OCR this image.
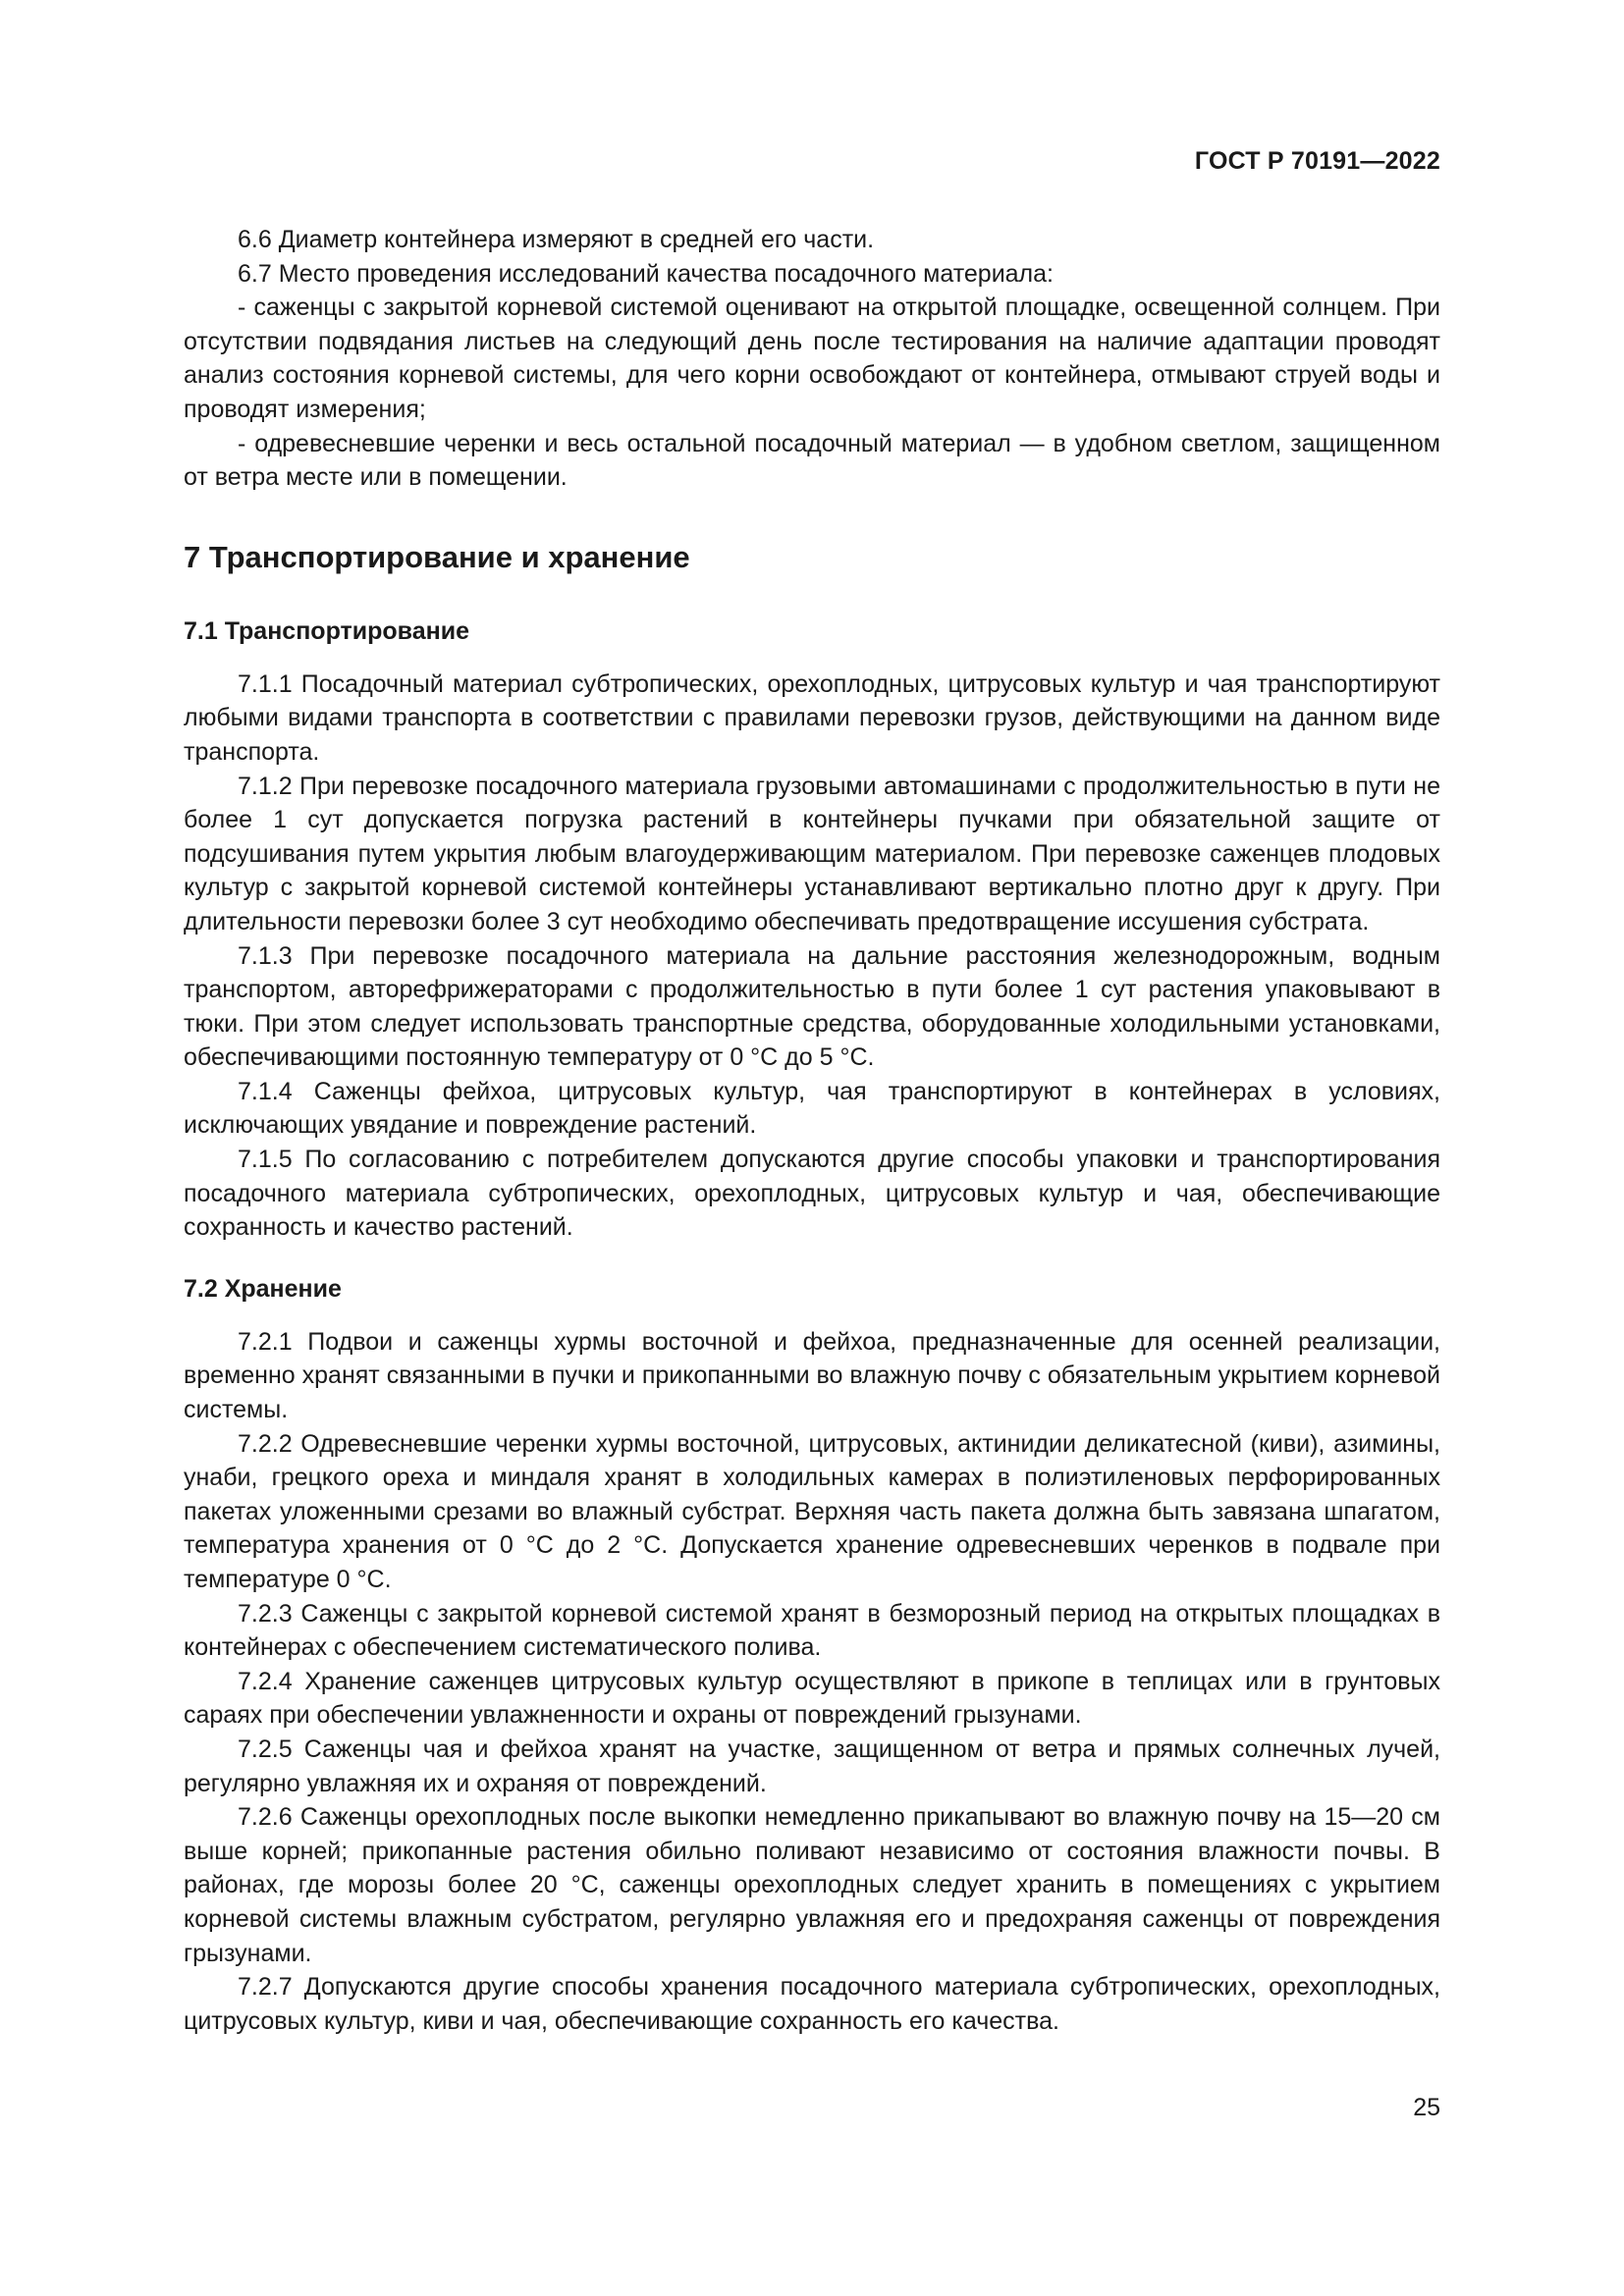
ГОСТ Р 70191—2022

6.6 Диаметр контейнера измеряют в средней его части.

6.7 Место проведения исследований качества посадочного материала:

- саженцы с закрытой корневой системой оценивают на открытой площадке, освещенной солнцем. При отсутствии подвядания листьев на следующий день после тестирования на наличие адаптации проводят анализ состояния корневой системы, для чего корни освобождают от контейнера, отмывают струей воды и проводят измерения;

- одревесневшие черенки и весь остальной посадочный материал — в удобном светлом, защищенном от ветра месте или в помещении.

7 Транспортирование и хранение
7.1 Транспортирование

7.1.1 Посадочный материал субтропических, орехоплодных, цитрусовых культур и чая транспортируют любыми видами транспорта в соответствии с правилами перевозки грузов, действующими на данном виде транспорта.

7.1.2 При перевозке посадочного материала грузовыми автомашинами с продолжительностью в пути не более 1 сут допускается погрузка растений в контейнеры пучками при обязательной защите от подсушивания путем укрытия любым влагоудерживающим материалом. При перевозке саженцев плодовых культур с закрытой корневой системой контейнеры устанавливают вертикально плотно друг к другу. При длительности перевозки более 3 сут необходимо обеспечивать предотвращение иссушения субстрата.

7.1.3 При перевозке посадочного материала на дальние расстояния железнодорожным, водным транспортом, авторефрижераторами с продолжительностью в пути более 1 сут растения упаковывают в тюки. При этом следует использовать транспортные средства, оборудованные холодильными установками, обеспечивающими постоянную температуру от 0 °С до 5 °С.

7.1.4 Саженцы фейхоа, цитрусовых культур, чая транспортируют в контейнерах в условиях, исключающих увядание и повреждение растений.

7.1.5 По согласованию с потребителем допускаются другие способы упаковки и транспортирования посадочного материала субтропических, орехоплодных, цитрусовых культур и чая, обеспечивающие сохранность и качество растений.

7.2 Хранение

7.2.1 Подвои и саженцы хурмы восточной и фейхоа, предназначенные для осенней реализации, временно хранят связанными в пучки и прикопанными во влажную почву с обязательным укрытием корневой системы.

7.2.2 Одревесневшие черенки хурмы восточной, цитрусовых, актинидии деликатесной (киви), азимины, унаби, грецкого ореха и миндаля хранят в холодильных камерах в полиэтиленовых перфорированных пакетах уложенными срезами во влажный субстрат. Верхняя часть пакета должна быть завязана шпагатом, температура хранения от 0 °С до 2 °С. Допускается хранение одревесневших черенков в подвале при температуре 0 °С.

7.2.3 Саженцы с закрытой корневой системой хранят в безморозный период на открытых площадках в контейнерах с обеспечением систематического полива.

7.2.4 Хранение саженцев цитрусовых культур осуществляют в прикопе в теплицах или в грунтовых сараях при обеспечении увлажненности и охраны от повреждений грызунами.

7.2.5 Саженцы чая и фейхоа хранят на участке, защищенном от ветра и прямых солнечных лучей, регулярно увлажняя их и охраняя от повреждений.

7.2.6 Саженцы орехоплодных после выкопки немедленно прикапывают во влажную почву на 15—20 см выше корней; прикопанные растения обильно поливают независимо от состояния влажности почвы. В районах, где морозы более 20 °С, саженцы орехоплодных следует хранить в помещениях с укрытием корневой системы влажным субстратом, регулярно увлажняя его и предохраняя саженцы от повреждения грызунами.

7.2.7 Допускаются другие способы хранения посадочного материала субтропических, орехоплодных, цитрусовых культур, киви и чая, обеспечивающие сохранность его качества.

25
